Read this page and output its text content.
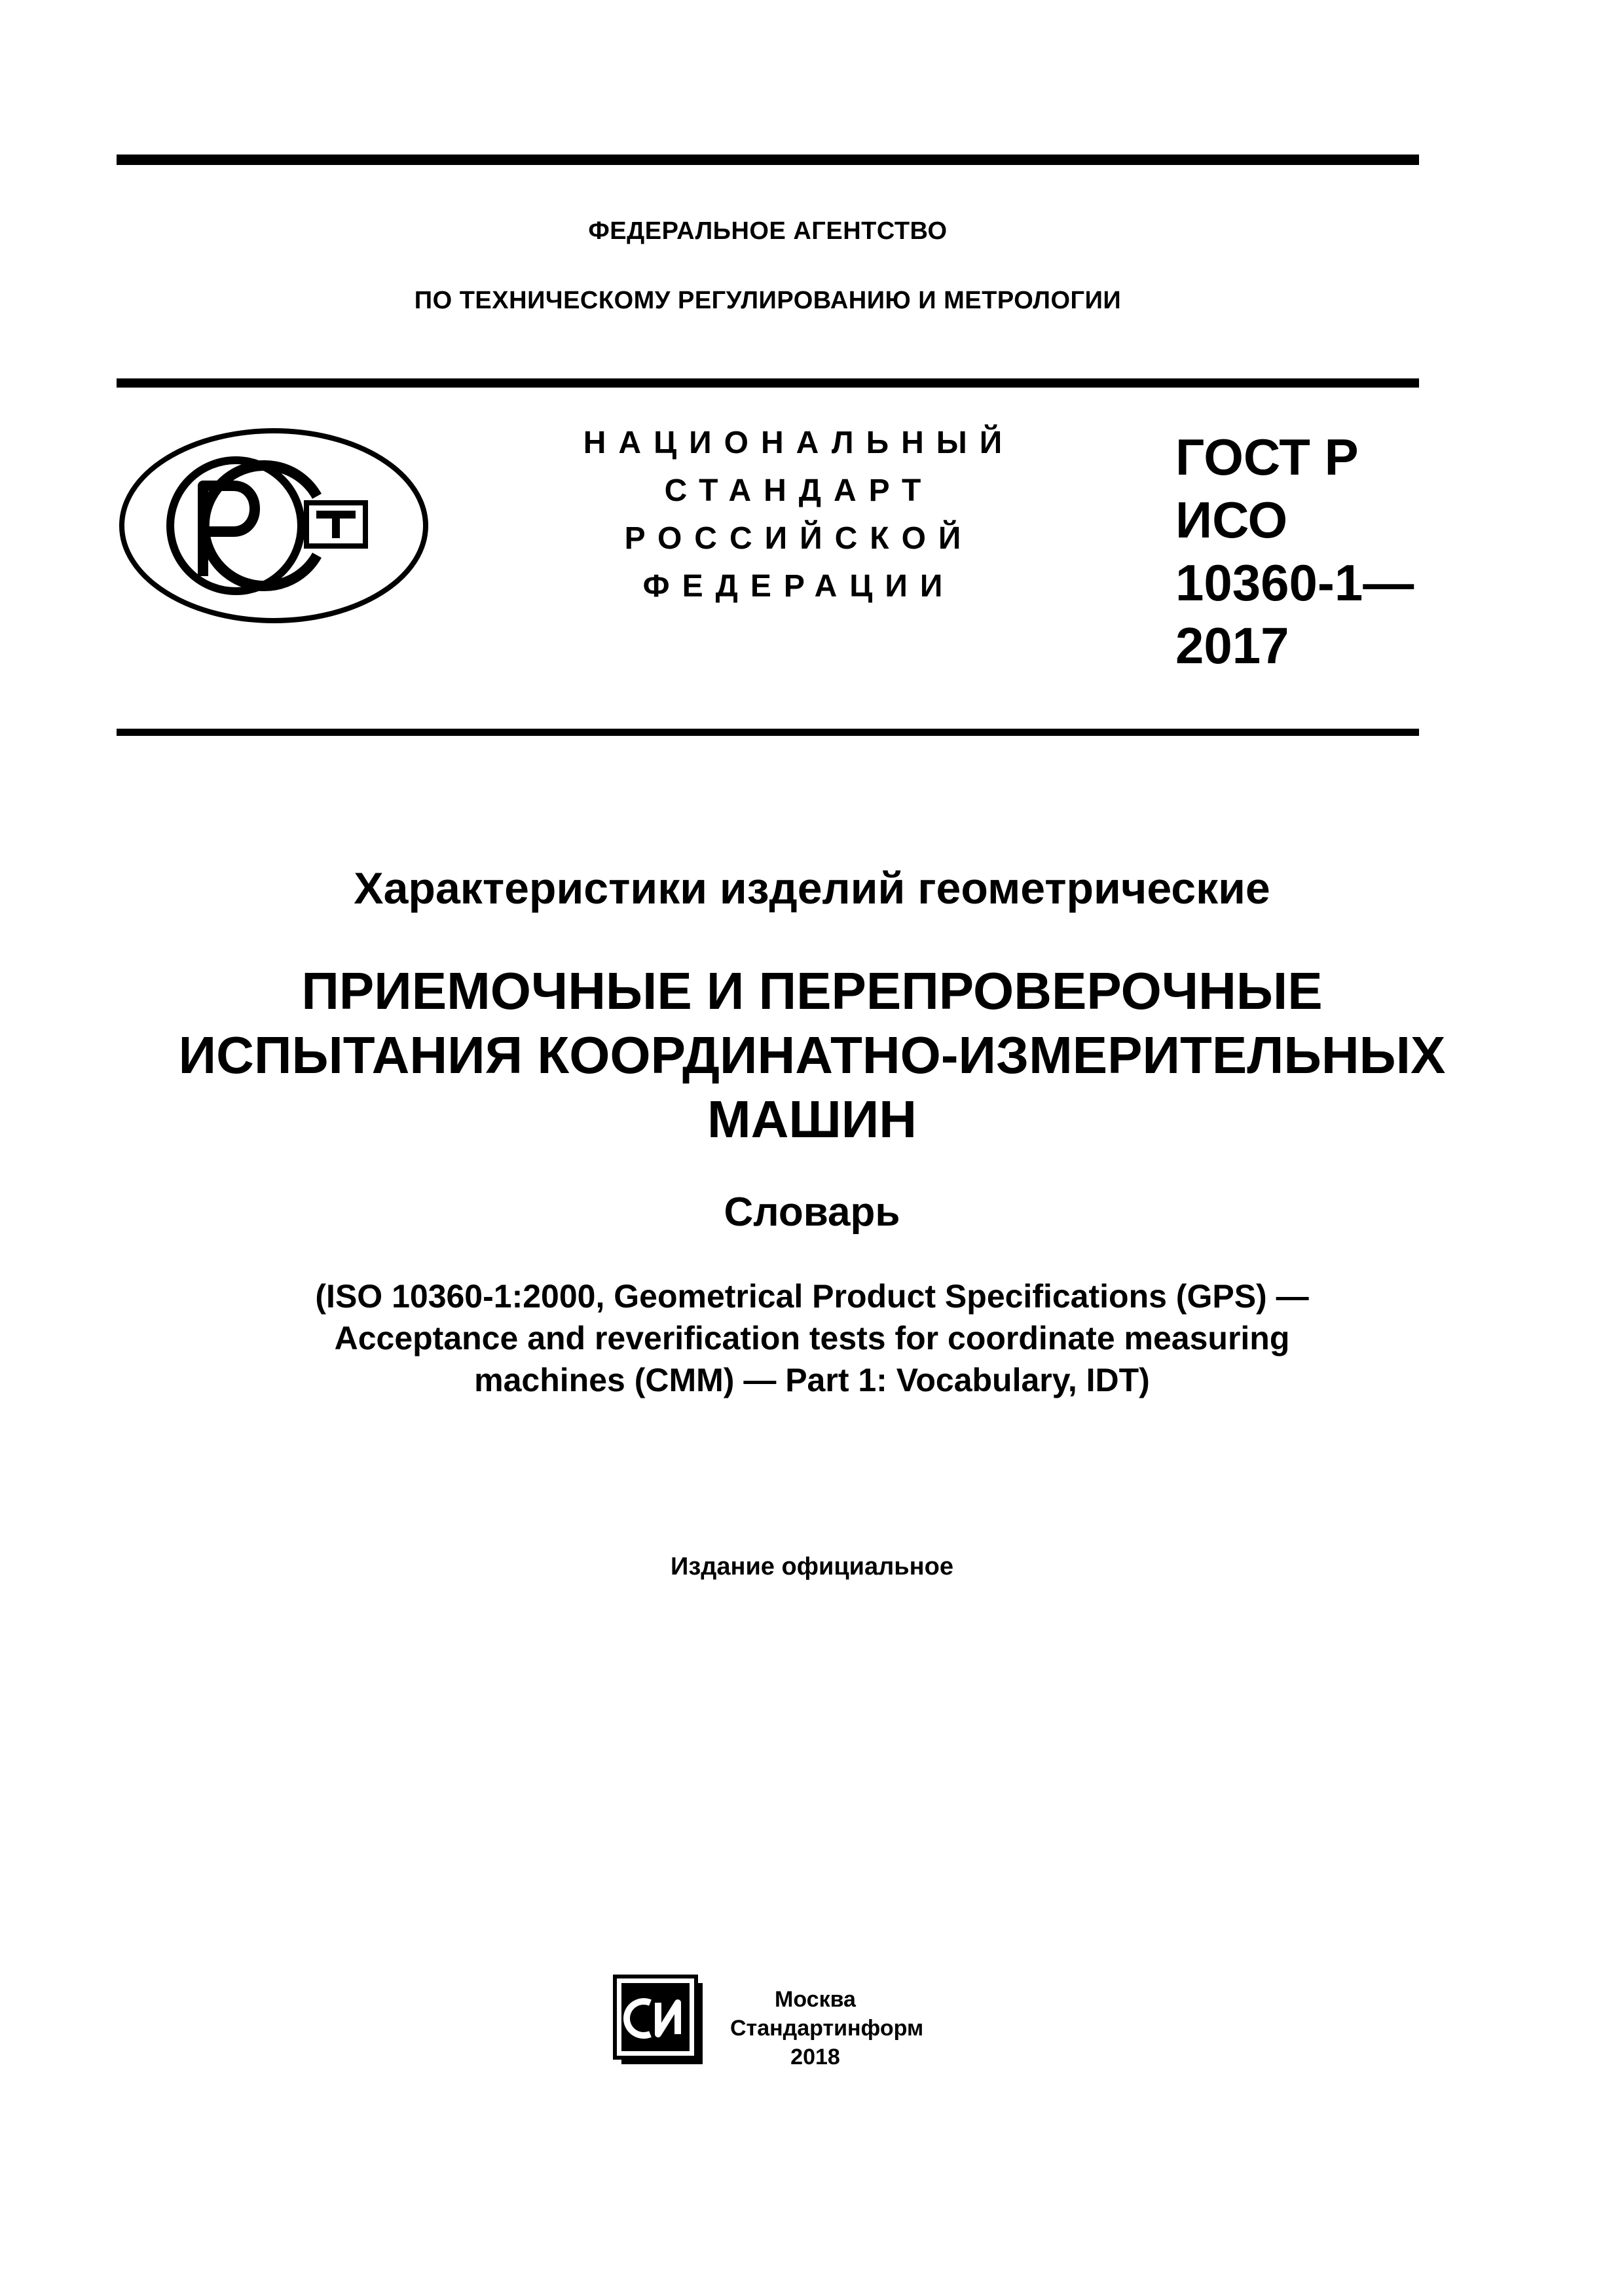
ФЕДЕРАЛЬНОЕ АГЕНТСТВО
ПО ТЕХНИЧЕСКОМУ РЕГУЛИРОВАНИЮ И МЕТРОЛОГИИ
НАЦИОНАЛЬНЫЙ
СТАНДАРТ
РОССИЙСКОЙ
ФЕДЕРАЦИИ
ГОСТ Р
ИСО
10360-1—
2017
Характеристики изделий геометрические
ПРИЕМОЧНЫЕ И ПЕРЕПРОВЕРОЧНЫЕ
ИСПЫТАНИЯ КООРДИНАТНО-ИЗМЕРИТЕЛЬНЫХ
МАШИН
Словарь
(ISO 10360-1:2000, Geometrical Product Specifications (GPS) —
Acceptance and reverification tests for coordinate measuring
machines (CMM) — Part 1: Vocabulary, IDT)
Издание официальное
Москва
Стандартинформ
2018
